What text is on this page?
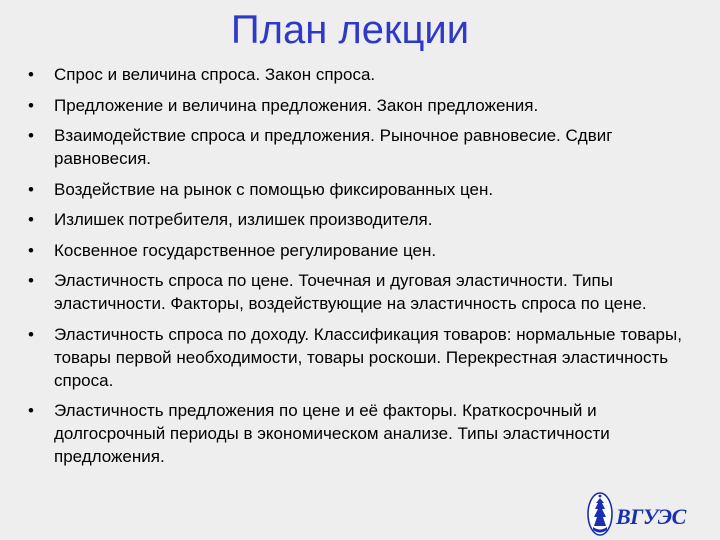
План лекции
• Спрос и величина спроса. Закон спроса.
• Предложение и величина предложения. Закон предложения.
• Взаимодействие спроса и предложения. Рыночное равновесие. Сдвиг равновесия.
• Воздействие на рынок с помощью фиксированных цен.
• Излишек потребителя, излишек производителя.
• Косвенное государственное регулирование цен.
• Эластичность спроса по цене. Точечная и дуговая эластичности. Типы эластичности. Факторы, воздействующие на эластичность спроса по цене.
• Эластичность спроса по доходу. Классификация товаров: нормальные товары, товары первой необходимости, товары роскоши. Перекрестная эластичность спроса.
• Эластичность предложения по цене и её факторы. Краткосрочный и долгосрочный периоды в экономическом анализе. Типы эластичности предложения.
ВГУЭС
